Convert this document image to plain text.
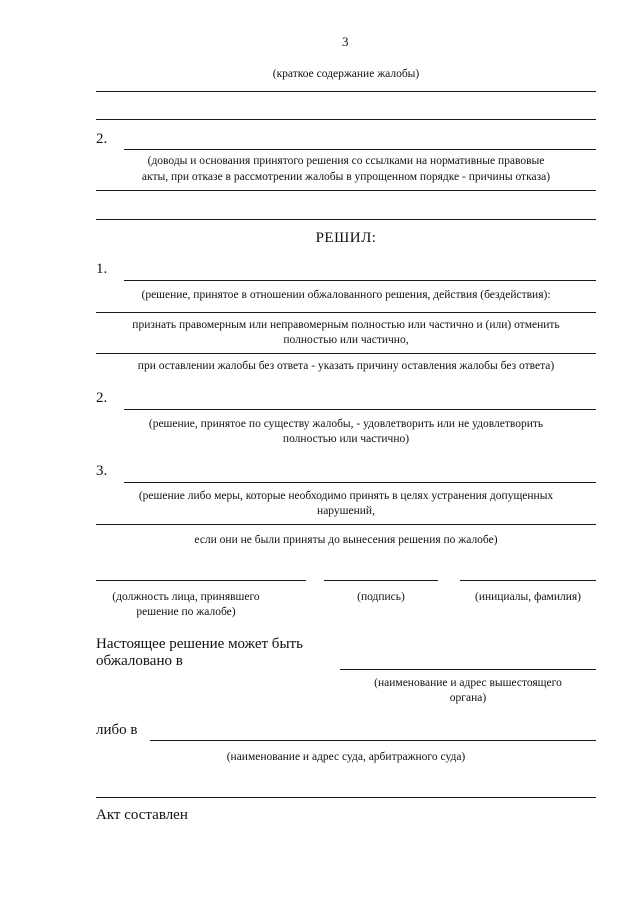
3
(краткое содержание жалобы)
2.
(доводы и основания принятого решения со ссылками на нормативные правовые
акты, при отказе в рассмотрении жалобы в упрощенном порядке - причины отказа)
РЕШИЛ:
1.
(решение, принятое в отношении обжалованного решения, действия (бездействия):
признать правомерным или неправомерным полностью или частично и (или) отменить
полностью или частично,
при оставлении жалобы без ответа - указать причину оставления жалобы без ответа)
2.
(решение, принятое по существу жалобы, - удовлетворить или не удовлетворить
полностью или частично)
3.
(решение либо меры, которые необходимо принять в целях устранения допущенных
нарушений,
если они не были приняты до вынесения решения по жалобе)
(должность лица, принявшего
решение по жалобе)
(подпись)	(инициалы, фамилия)
Настоящее решение может быть
обжаловано в
(наименование и адрес вышестоящего
органа)
либо в
(наименование и адрес суда, арбитражного суда)
Акт составлен
